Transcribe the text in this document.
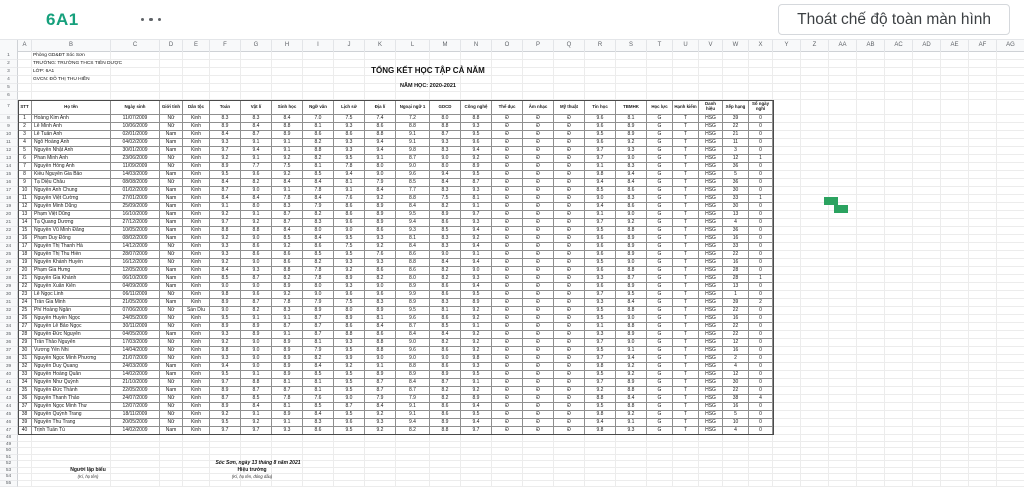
6A1	Thoát chế độ toàn màn hình
A	B	C	D	E	F	G	H	I	J	K	L	M	N	O	P	Q	R	S	T	U	V	W	X	Y	Z	AA	AB	AC	AD	AE	AF	AG
1
2
3
4
5
6
7	STT	Họ tên	Ngày sinh	Giới tính	Dân tộc	Toán	Vật lí	Sinh học	Ngữ văn	Lịch sử	Địa lí	Ngoại ngữ 1	GDCD	Công nghệ	Thể dục	Âm nhạc	Mỹ thuật	Tin học	TBMHK	Học lực	Hạnh kiểm	Danh hiệu	Xếp hạng	Số ngày nghỉ
8	1	Hoàng Kim Anh	11/07/2009	Nữ	Kinh	8.3	8.3	8.4	7.0	7.5	7.4	7.2	8.0	8.8	Đ	Đ	Đ	9.6	8.1	G	T	HSG	39	0
9	2	Lê Minh Anh	10/06/2009	Nữ	Kinh	8.9	8.4	8.8	8.1	9.3	8.6	8.8	8.8	9.3	Đ	Đ	Đ	9.6	8.9	G	T	HSG	22	0
10	3	Lê Tuấn Anh	02/01/2009	Nam	Kinh	8.4	8.7	8.9	8.6	8.6	8.8	9.1	8.7	9.5	Đ	Đ	Đ	9.5	8.9	G	T	HSG	21	0
11	4	Ngô Hoàng Anh	04/02/2009	Nam	Kinh	9.3	9.1	9.1	8.2	9.3	9.4	9.1	9.3	9.6	Đ	Đ	Đ	9.6	9.2	G	T	HSG	11	0
12	5	Nguyễn Nhật Anh	30/01/2009	Nam	Kinh	9.7	9.4	9.1	8.8	9.3	9.4	9.8	8.3	9.4	Đ	Đ	Đ	9.7	9.3	G	T	HSG	3	0
13	6	Phan Minh Anh	23/06/2009	Nữ	Kinh	9.2	9.1	9.2	8.2	9.5	9.1	8.7	9.0	9.2	Đ	Đ	Đ	9.7	9.0	G	T	HSG	12	1
14	7	Nguyễn Hồng Anh	11/09/2009	Nữ	Kinh	8.9	7.7	7.5	8.1	7.8	8.0	9.0	8.0	8.9	Đ	Đ	Đ	9.1	8.3	G	T	HSG	36	0
15	8	Kiều Nguyễn Gia Bảo	14/03/2009	Nam	Kinh	9.5	9.6	9.2	8.5	9.4	9.0	9.6	9.4	9.5	Đ	Đ	Đ	9.8	9.4	G	T	HSG	5	0
16	9	Tạ Diệu Châu	08/08/2009	Nữ	Kinh	8.4	8.2	8.4	8.4	8.1	7.9	8.5	8.4	8.7	Đ	Đ	Đ	9.4	8.4	G	T	HSG	36	0
17	10	Nguyễn Anh Chung	01/02/2009	Nam	Kinh	8.7	9.0	9.1	7.8	9.1	8.4	7.7	8.3	9.3	Đ	Đ	Đ	8.5	8.6	G	T	HSG	30	0
18	11	Nguyễn Việt Cường	27/01/2009	Nam	Kinh	8.4	8.4	7.8	8.4	7.6	9.2	8.8	7.5	8.1	Đ	Đ	Đ	9.0	8.3	G	T	HSG	33	1
19	12	Nguyễn Minh Dũng	25/09/2009	Nam	Kinh	9.1	8.0	8.3	7.9	8.6	8.9	8.4	8.2	9.1	Đ	Đ	Đ	9.4	8.6	G	T	HSG	30	0
20	13	Phạm Việt Dũng	16/10/2009	Nam	Kinh	9.2	9.1	8.7	8.2	8.6	8.9	9.5	8.9	9.7	Đ	Đ	Đ	9.1	9.0	G	T	HSG	13	0
21	14	Tạ Quang Dương	27/12/2009	Nam	Kinh	9.7	9.2	8.7	8.3	9.6	8.9	9.4	8.6	9.3	Đ	Đ	Đ	9.7	9.2	G	T	HSG	4	0
22	15	Nguyễn Vũ Minh Đăng	10/05/2009	Nam	Kinh	8.8	8.8	8.4	8.0	9.0	8.6	9.3	8.5	9.4	Đ	Đ	Đ	9.5	8.8	G	T	HSG	36	0
23	16	Phạm Duy Đông	08/02/2009	Nam	Kinh	9.2	9.0	8.5	8.4	9.5	9.3	8.1	8.3	9.2	Đ	Đ	Đ	9.6	8.9	G	T	HSG	16	0
24	17	Nguyễn Thị Thanh Hà	14/12/2009	Nữ	Kinh	9.3	8.6	9.2	8.6	7.5	9.2	8.4	8.3	9.4	Đ	Đ	Đ	9.6	8.9	G	T	HSG	33	0
25	18	Nguyễn Thị Thu Hiền	28/07/2009	Nữ	Kinh	9.3	8.6	8.6	8.5	9.5	7.6	8.6	9.0	9.1	Đ	Đ	Đ	9.6	8.9	G	T	HSG	22	0
26	19	Nguyễn Khánh Huyền	16/12/2009	Nữ	Kinh	9.2	9.0	8.6	8.2	9.3	9.3	8.8	8.4	9.4	Đ	Đ	Đ	9.5	9.0	G	T	HSG	16	0
27	20	Phạm Gia Hưng	12/05/2009	Nam	Kinh	8.4	9.3	8.8	7.8	9.2	8.6	8.6	8.2	9.0	Đ	Đ	Đ	9.6	8.8	G	T	HSG	28	0
28	21	Nguyễn Gia Khánh	06/10/2009	Nam	Kinh	8.5	8.7	8.2	7.8	8.9	8.2	8.0	8.2	9.3	Đ	Đ	Đ	9.3	8.7	G	T	HSG	28	1
29	22	Nguyễn Xuân Kiên	04/09/2009	Nam	Kinh	9.0	9.0	8.9	8.0	9.3	9.0	8.9	8.6	9.4	Đ	Đ	Đ	9.6	8.9	G	T	HSG	13	0
30	23	Lê Ngọc Linh	06/11/2009	Nữ	Kinh	9.8	9.6	9.2	9.0	9.6	9.6	9.9	8.6	9.5	Đ	Đ	Đ	9.7	9.5	G	T	HSG	1	0
31	24	Trần Gia Minh	21/05/2009	Nam	Kinh	8.9	8.7	7.8	7.9	7.5	8.3	8.9	8.3	8.9	Đ	Đ	Đ	9.3	8.4	G	T	HSG	39	2
32	25	Phí Hoàng Ngân	07/06/2009	Nữ	Sán Dìu	9.0	8.2	8.3	8.9	8.0	8.9	9.5	8.1	9.2	Đ	Đ	Đ	9.5	8.8	G	T	HSG	22	0
33	26	Nguyễn Huyền Ngọc	24/05/2009	Nữ	Kinh	9.5	9.1	9.1	8.7	8.9	8.1	9.6	8.6	9.2	Đ	Đ	Đ	9.5	9.0	G	T	HSG	16	0
34	27	Nguyễn Lê Bảo Ngọc	30/11/2009	Nữ	Kinh	8.9	8.9	8.7	8.7	8.6	8.4	8.7	8.5	9.1	Đ	Đ	Đ	9.1	8.8	G	T	HSG	22	0
35	28	Nguyễn Đức Nguyên	04/05/2009	Nam	Kinh	9.3	8.9	9.1	8.7	8.8	8.6	8.4	8.4	9.2	Đ	Đ	Đ	9.3	8.9	G	T	HSG	22	0
36	29	Trần Thảo Nguyên	17/03/2009	Nữ	Kinh	9.2	9.0	8.9	8.1	9.3	8.8	9.0	8.2	9.2	Đ	Đ	Đ	9.7	9.0	G	T	HSG	12	0
37	30	Vương Yến Nhi	14/04/2009	Nữ	Kinh	9.8	9.0	8.9	7.9	9.5	8.8	9.6	8.6	9.2	Đ	Đ	Đ	9.5	9.1	G	T	HSG	16	0
38	31	Nguyễn Ngọc Minh Phương	21/07/2009	Nữ	Kinh	9.3	9.0	8.9	8.2	9.9	9.0	9.0	9.0	9.8	Đ	Đ	Đ	9.7	9.4	G	T	HSG	2	0
39	32	Nguyễn Duy Quang	24/03/2009	Nam	Kinh	9.4	9.0	8.9	8.4	9.2	9.1	8.8	8.6	9.3	Đ	Đ	Đ	9.8	9.2	G	T	HSG	4	0
40	33	Nguyễn Hoàng Quân	14/02/2009	Nam	Kinh	9.5	9.1	8.9	8.5	9.5	8.9	8.9	8.9	9.5	Đ	Đ	Đ	9.5	9.2	G	T	HSG	12	0
41	34	Nguyễn Như Quỳnh	21/10/2009	Nữ	Kinh	9.7	8.8	8.1	8.1	9.5	8.7	8.4	8.7	9.1	Đ	Đ	Đ	9.7	8.9	G	T	HSG	30	0
42	35	Nguyễn Đức Thành	22/05/2009	Nam	Kinh	8.9	8.7	8.7	8.1	9.5	8.7	8.7	8.2	9.2	Đ	Đ	Đ	9.2	8.8	G	T	HSG	22	0
43	36	Nguyễn Thanh Thảo	24/07/2009	Nữ	Kinh	8.7	8.5	7.8	7.6	9.0	7.9	7.9	8.2	8.9	Đ	Đ	Đ	8.8	8.4	G	T	HSG	38	4
44	37	Nguyễn Ngọc Minh Thư	12/07/2009	Nữ	Kinh	8.9	8.4	8.1	8.5	8.7	8.4	9.1	8.6	9.4	Đ	Đ	Đ	9.5	8.8	G	T	HSG	16	0
45	38	Nguyễn Quỳnh Trang	18/11/2009	Nữ	Kinh	9.2	9.1	8.9	8.4	9.5	9.2	9.1	8.6	9.5	Đ	Đ	Đ	9.8	9.2	G	T	HSG	5	0
46	39	Nguyễn Thu Trang	20/05/2009	Nữ	Kinh	9.5	9.2	9.1	8.3	9.6	9.3	9.4	8.9	9.4	Đ	Đ	Đ	9.4	9.1	G	T	HSG	10	0
47	40	Trịnh Tuấn Tú	14/02/2009	Nam	Kinh	9.7	9.7	9.3	8.6	9.5	9.2	8.2	8.8	9.7	Đ	Đ	Đ	9.8	9.3	G	T	HSG	4	0
48
49
50
51
52
53
54
55
Phòng GD&ĐT Sóc Sơn
TRƯỜNG: TRƯỜNG THCS TIÊN DƯỢC
LỚP: 6A1
GVCN: ĐỖ THỊ THU HIỀN
TỔNG KẾT HỌC TẬP CẢ NĂM
NĂM HỌC: 2020-2021
Sóc Sơn, ngày 13 tháng 8 năm 2021
Người lập biểu	Hiệu trưởng
(Kí, họ tên)	(Kí, họ tên, đóng dấu)
